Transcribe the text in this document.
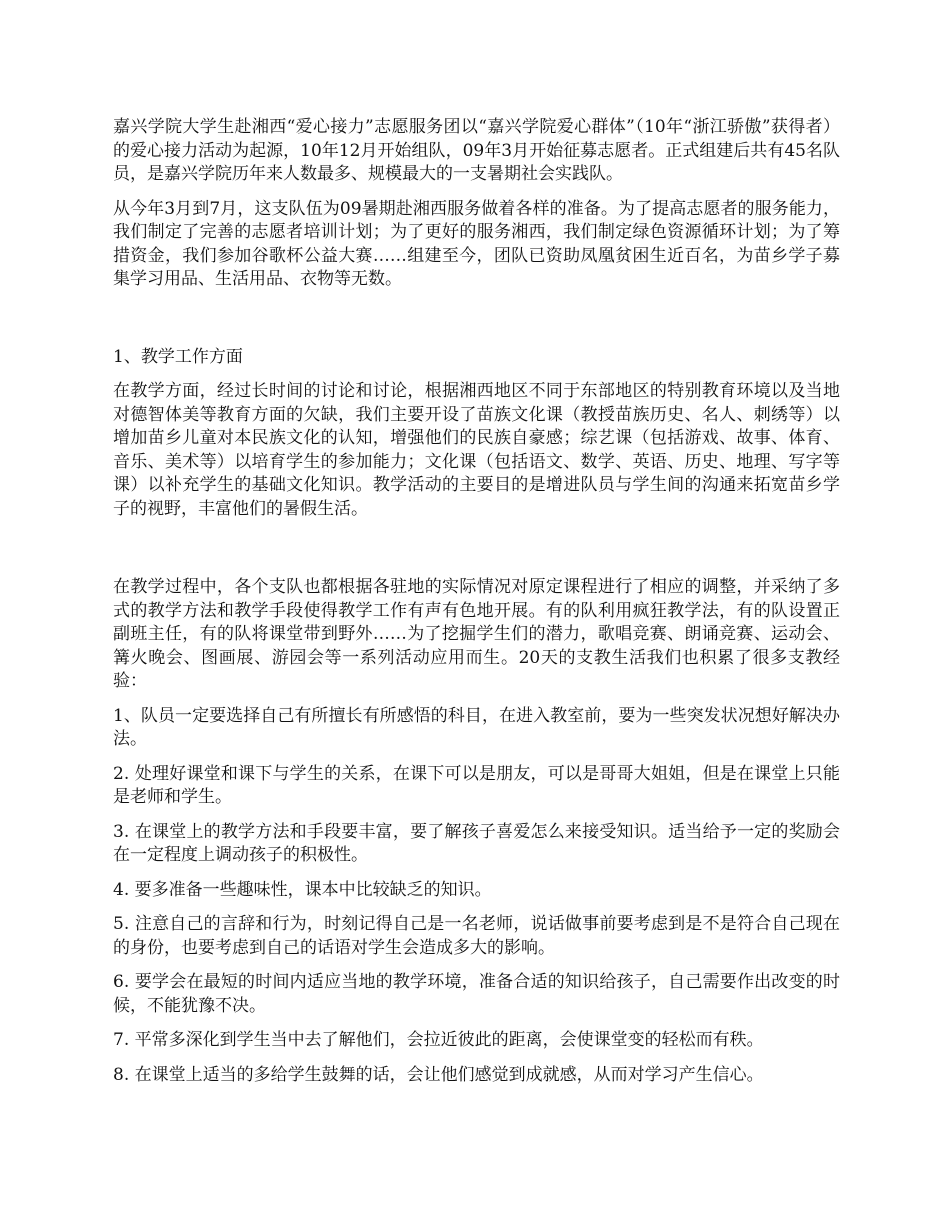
嘉兴学院大学生赴湘西“爱心接力”志愿服务团以“嘉兴学院爱心群体”（10年“浙江骄傲”获得者）的爱心接力活动为起源，10年12月开始组队，09年3月开始征募志愿者。正式组建后共有45名队员，是嘉兴学院历年来人数最多、规模最大的一支暑期社会实践队。

从今年3月到7月，这支队伍为09暑期赴湘西服务做着各样的准备。为了提高志愿者的服务能力，我们制定了完善的志愿者培训计划；为了更好的服务湘西，我们制定绿色资源循环计划；为了筹措资金，我们参加谷歌杯公益大赛……组建至今，团队已资助凤凰贫困生近百名，为苗乡学子募集学习用品、生活用品、衣物等无数。

1、教学工作方面

在教学方面，经过长时间的讨论和讨论，根据湘西地区不同于东部地区的特别教育环境以及当地对德智体美等教育方面的欠缺，我们主要开设了苗族文化课（教授苗族历史、名人、刺绣等）以增加苗乡儿童对本民族文化的认知，增强他们的民族自豪感；综艺课（包括游戏、故事、体育、音乐、美术等）以培育学生的参加能力；文化课（包括语文、数学、英语、历史、地理、写字等课）以补充学生的基础文化知识。教学活动的主要目的是增进队员与学生间的沟通来拓宽苗乡学子的视野，丰富他们的暑假生活。

在教学过程中，各个支队也都根据各驻地的实际情况对原定课程进行了相应的调整，并采纳了多式的教学方法和教学手段使得教学工作有声有色地开展。有的队利用疯狂教学法，有的队设置正副班主任，有的队将课堂带到野外……为了挖掘学生们的潜力，歌唱竞赛、朗诵竞赛、运动会、篝火晚会、图画展、游园会等一系列活动应用而生。20天的支教生活我们也积累了很多支教经验：

1、队员一定要选择自己有所擅长有所感悟的科目，在进入教室前，要为一些突发状况想好解决办法。

2. 处理好课堂和课下与学生的关系，在课下可以是朋友，可以是哥哥大姐姐，但是在课堂上只能是老师和学生。

3. 在课堂上的教学方法和手段要丰富，要了解孩子喜爱怎么来接受知识。适当给予一定的奖励会在一定程度上调动孩子的积极性。

4. 要多准备一些趣味性，课本中比较缺乏的知识。

5. 注意自己的言辞和行为，时刻记得自己是一名老师，说话做事前要考虑到是不是符合自己现在的身份，也要考虑到自己的话语对学生会造成多大的影响。

6. 要学会在最短的时间内适应当地的教学环境，准备合适的知识给孩子，自己需要作出改变的时候，不能犹豫不决。

7. 平常多深化到学生当中去了解他们，会拉近彼此的距离，会使课堂变的轻松而有秩。

8. 在课堂上适当的多给学生鼓舞的话，会让他们感觉到成就感，从而对学习产生信心。
